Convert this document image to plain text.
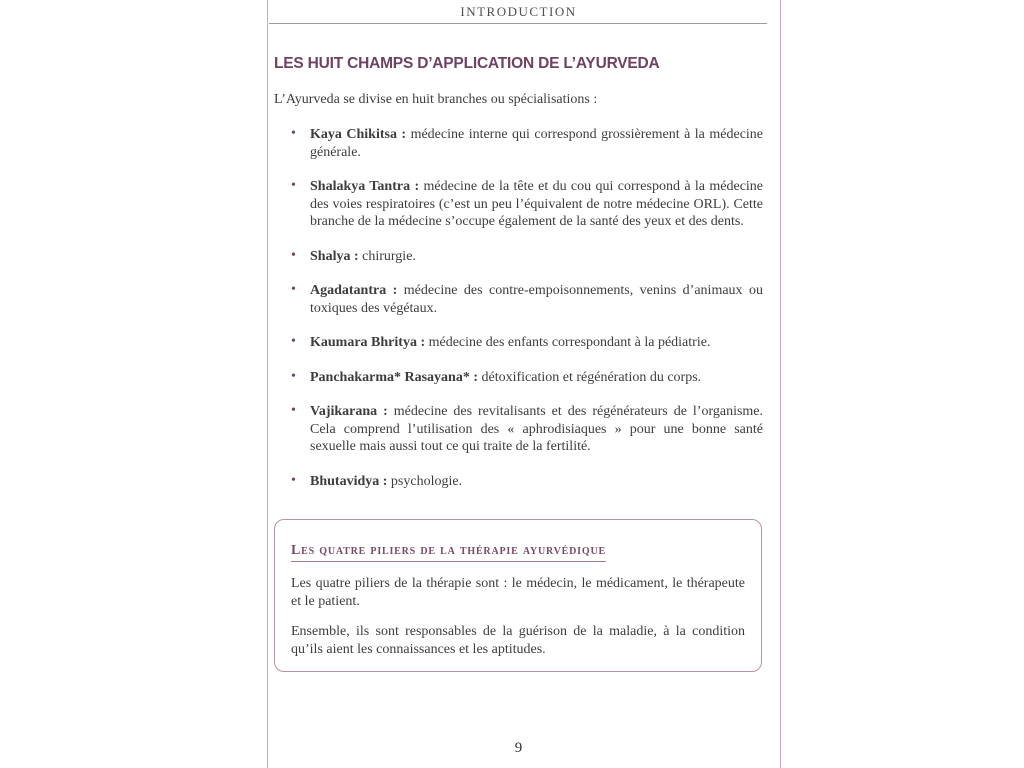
INTRODUCTION
LES HUIT CHAMPS D’APPLICATION DE L’AYURVEDA

L’Ayurveda se divise en huit branches ou spécialisations :

• Kaya Chikitsa : médecine interne qui correspond grossièrement à la médecine générale.
• Shalakya Tantra : médecine de la tête et du cou qui correspond à la médecine des voies respiratoires (c’est un peu l’équivalent de notre médecine ORL). Cette branche de la médecine s’occupe également de la santé des yeux et des dents.
• Shalya : chirurgie.
• Agadatantra : médecine des contre-empoisonnements, venins d’animaux ou toxiques des végétaux.
• Kaumara Bhritya : médecine des enfants correspondant à la pédiatrie.
• Panchakarma* Rasayana* : détoxification et régénération du corps.
• Vajikarana : médecine des revitalisants et des régénérateurs de l’organisme. Cela comprend l’utilisation des « aphrodisiaques » pour une bonne santé sexuelle mais aussi tout ce qui traite de la fertilité.
• Bhutavidya : psychologie.
Les quatre piliers de la thérapie ayurvédique

Les quatre piliers de la thérapie sont : le médecin, le médicament, le thérapeute et le patient.

Ensemble, ils sont responsables de la guérison de la maladie, à la condition qu’ils aient les connaissances et les aptitudes.

9
